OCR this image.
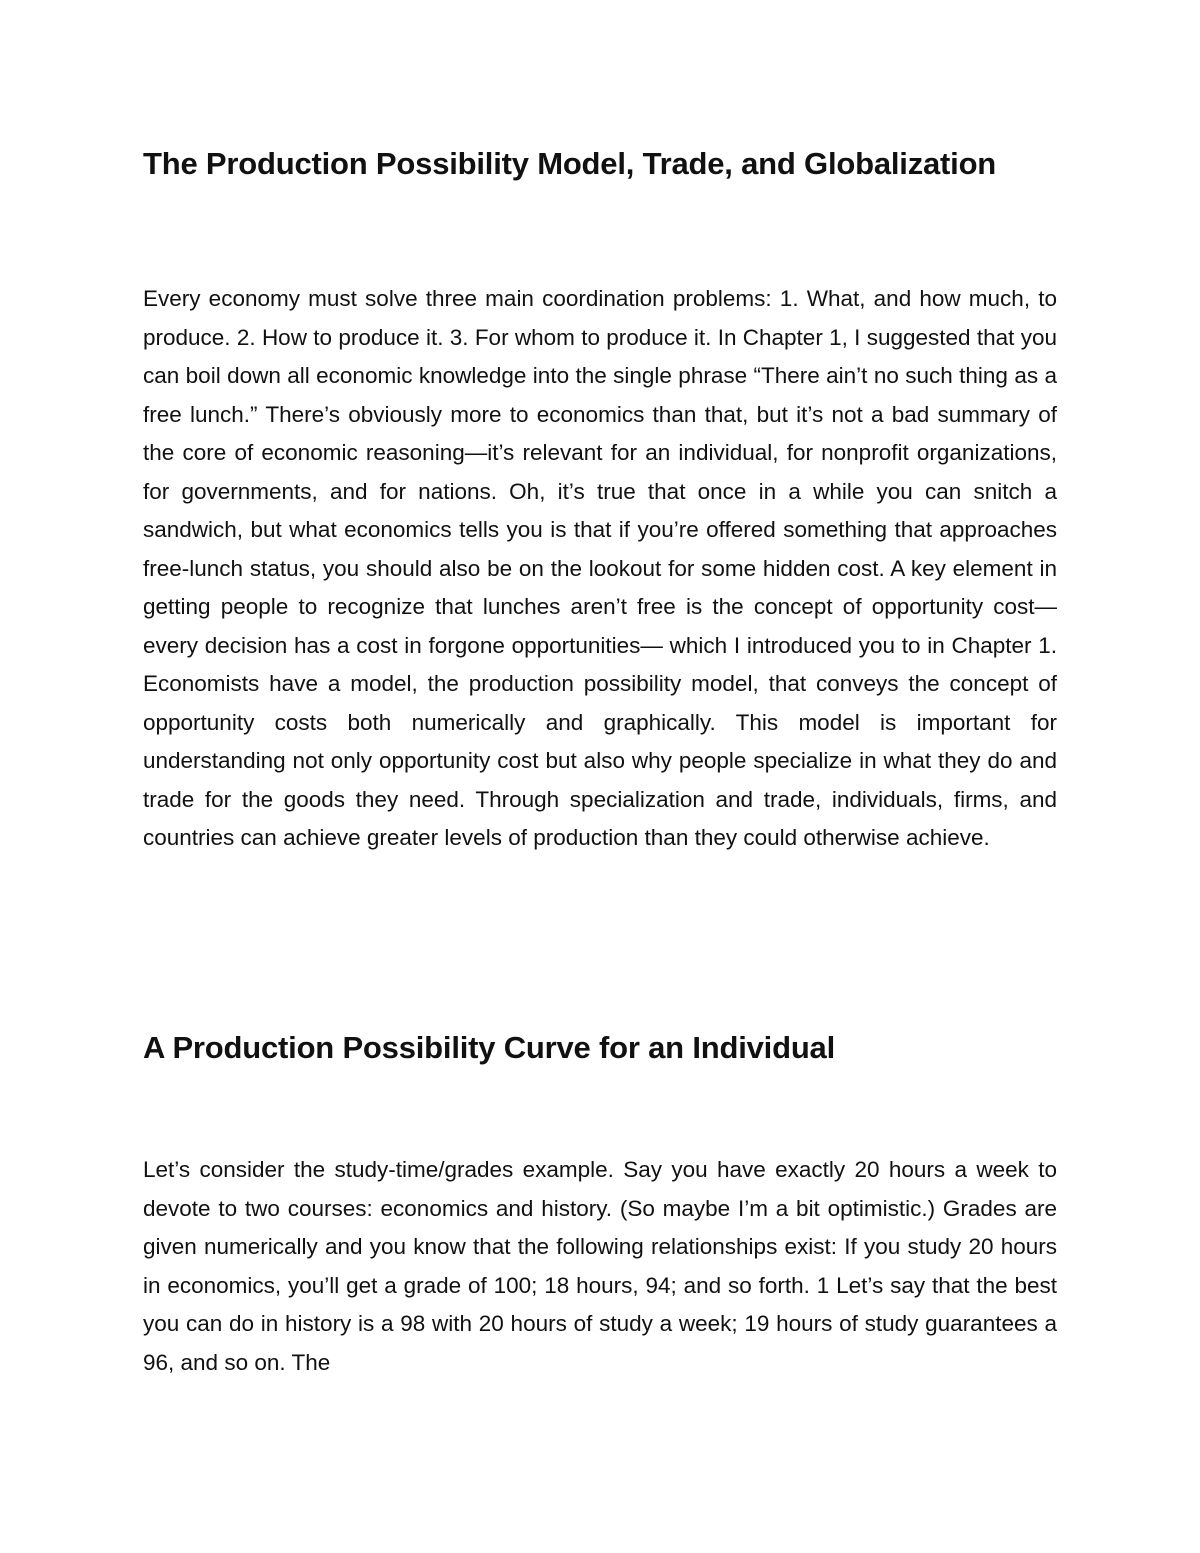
The Production Possibility Model, Trade, and Globalization

Every economy must solve three main coordination problems: 1. What, and how much, to produce. 2. How to produce it. 3. For whom to produce it. In Chapter 1, I suggested that you can boil down all economic knowledge into the single phrase “There ain’t no such thing as a free lunch.” There’s obviously more to economics than that, but it’s not a bad summary of the core of economic reasoning—it’s relevant for an individual, for nonprofit organizations, for governments, and for nations. Oh, it’s true that once in a while you can snitch a sandwich, but what economics tells you is that if you’re offered something that approaches free-lunch status, you should also be on the lookout for some hidden cost. A key element in getting people to recognize that lunches aren’t free is the concept of opportunity cost—every decision has a cost in forgone opportunities— which I introduced you to in Chapter 1. Economists have a model, the production possibility model, that conveys the concept of opportunity costs both numerically and graphically. This model is important for understanding not only opportunity cost but also why people specialize in what they do and trade for the goods they need. Through specialization and trade, individuals, firms, and countries can achieve greater levels of production than they could otherwise achieve.

A Production Possibility Curve for an Individual

Let’s consider the study-time/grades example. Say you have exactly 20 hours a week to devote to two courses: economics and history. (So maybe I’m a bit optimistic.) Grades are given numerically and you know that the following relationships exist: If you study 20 hours in economics, you’ll get a grade of 100; 18 hours, 94; and so forth. 1 Let’s say that the best you can do in history is a 98 with 20 hours of study a week; 19 hours of study guarantees a 96, and so on. The
